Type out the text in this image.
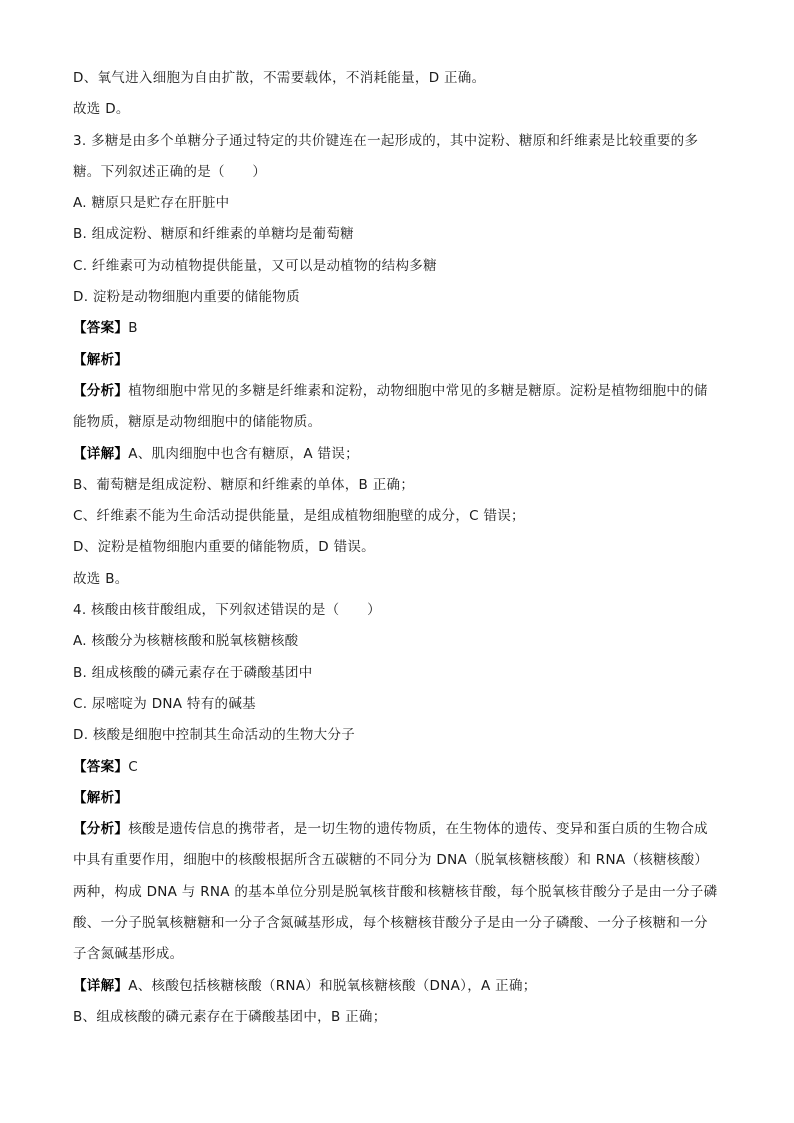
D、氧气进入细胞为自由扩散，不需要载体，不消耗能量，D 正确。
故选 D。
3. 多糖是由多个单糖分子通过特定的共价键连在一起形成的，其中淀粉、糖原和纤维素是比较重要的多
糖。下列叙述正确的是（　　）
A. 糖原只是贮存在肝脏中
B. 组成淀粉、糖原和纤维素的单糖均是葡萄糖
C. 纤维素可为动植物提供能量，又可以是动植物的结构多糖
D. 淀粉是动物细胞内重要的储能物质
【答案】B
【解析】
【分析】植物细胞中常见的多糖是纤维素和淀粉，动物细胞中常见的多糖是糖原。淀粉是植物细胞中的储
能物质，糖原是动物细胞中的储能物质。
【详解】A、肌肉细胞中也含有糖原，A 错误；
B、葡萄糖是组成淀粉、糖原和纤维素的单体，B 正确；
C、纤维素不能为生命活动提供能量，是组成植物细胞壁的成分，C 错误；
D、淀粉是植物细胞内重要的储能物质，D 错误。
故选 B。
4. 核酸由核苷酸组成，下列叙述错误的是（　　）
A. 核酸分为核糖核酸和脱氧核糖核酸
B. 组成核酸的磷元素存在于磷酸基团中
C. 尿嘧啶为 DNA 特有的碱基
D. 核酸是细胞中控制其生命活动的生物大分子
【答案】C
【解析】
【分析】核酸是遗传信息的携带者，是一切生物的遗传物质，在生物体的遗传、变异和蛋白质的生物合成
中具有重要作用，细胞中的核酸根据所含五碳糖的不同分为 DNA（脱氧核糖核酸）和 RNA（核糖核酸）
两种，构成 DNA 与 RNA 的基本单位分别是脱氧核苷酸和核糖核苷酸，每个脱氧核苷酸分子是由一分子磷
酸、一分子脱氧核糖糖和一分子含氮碱基形成，每个核糖核苷酸分子是由一分子磷酸、一分子核糖和一分
子含氮碱基形成。
【详解】A、核酸包括核糖核酸（RNA）和脱氧核糖核酸（DNA），A 正确；
B、组成核酸的磷元素存在于磷酸基团中，B 正确；
